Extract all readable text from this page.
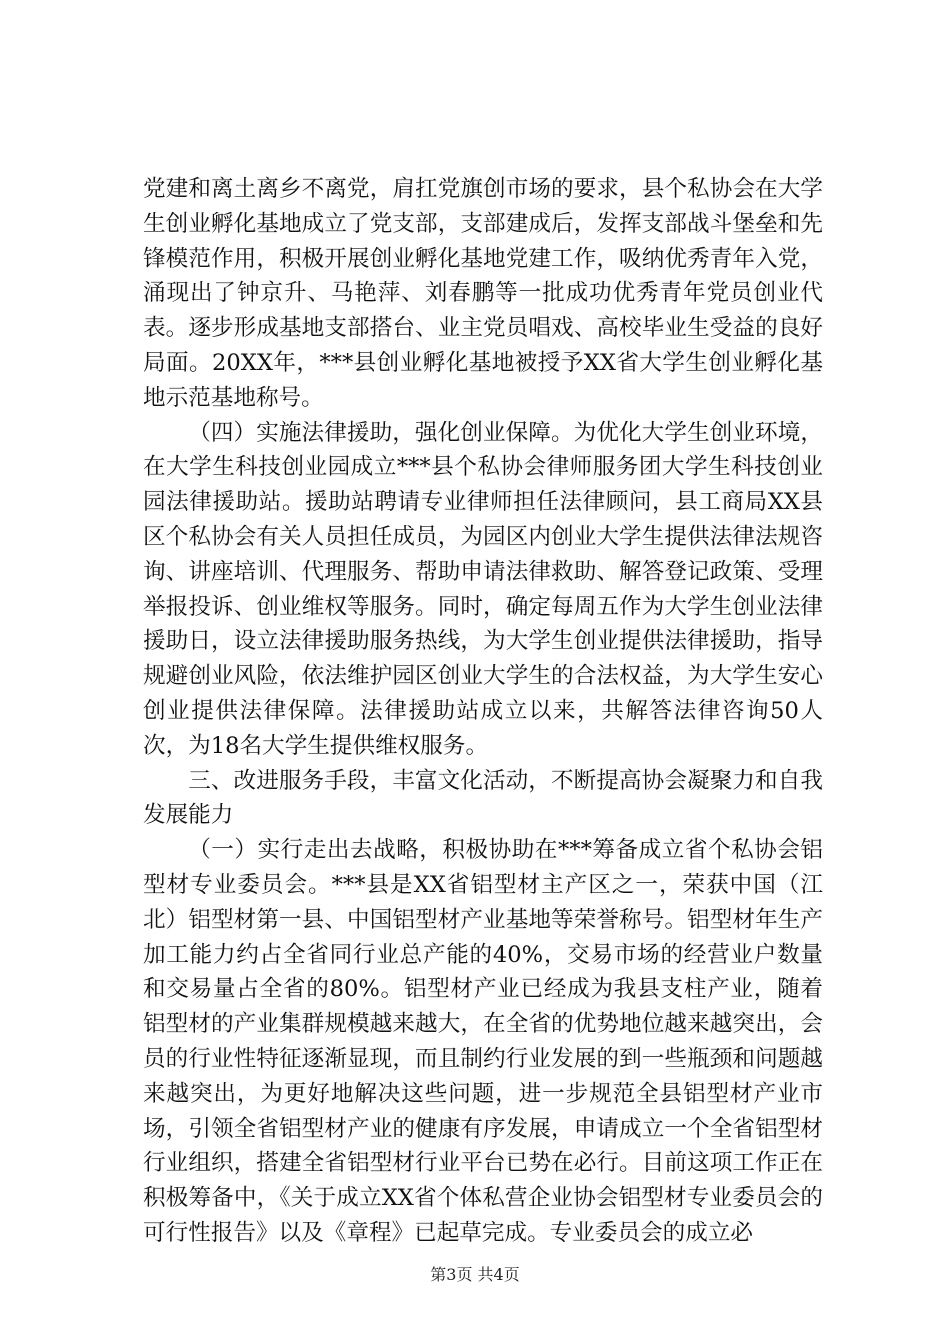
党建和离土离乡不离党，肩扛党旗创市场的要求，县个私协会在大学生创业孵化基地成立了党支部，支部建成后，发挥支部战斗堡垒和先锋模范作用，积极开展创业孵化基地党建工作，吸纳优秀青年入党，涌现出了钟京升、马艳萍、刘春鹏等一批成功优秀青年党员创业代表。逐步形成基地支部搭台、业主党员唱戏、高校毕业生受益的良好局面。20XX年，***县创业孵化基地被授予XX省大学生创业孵化基地示范基地称号。

（四）实施法律援助，强化创业保障。为优化大学生创业环境，在大学生科技创业园成立***县个私协会律师服务团大学生科技创业园法律援助站。援助站聘请专业律师担任法律顾问，县工商局XX县区个私协会有关人员担任成员，为园区内创业大学生提供法律法规咨询、讲座培训、代理服务、帮助申请法律救助、解答登记政策、受理举报投诉、创业维权等服务。同时，确定每周五作为大学生创业法律援助日，设立法律援助服务热线，为大学生创业提供法律援助，指导规避创业风险，依法维护园区创业大学生的合法权益，为大学生安心创业提供法律保障。法律援助站成立以来，共解答法律咨询50人次，为18名大学生提供维权服务。

三、改进服务手段，丰富文化活动，不断提高协会凝聚力和自我发展能力

（一）实行走出去战略，积极协助在***筹备成立省个私协会铝型材专业委员会。***县是XX省铝型材主产区之一，荣获中国（江北）铝型材第一县、中国铝型材产业基地等荣誉称号。铝型材年生产加工能力约占全省同行业总产能的40%，交易市场的经营业户数量和交易量占全省的80%。铝型材产业已经成为我县支柱产业，随着铝型材的产业集群规模越来越大，在全省的优势地位越来越突出，会员的行业性特征逐渐显现，而且制约行业发展的到一些瓶颈和问题越来越突出，为更好地解决这些问题，进一步规范全县铝型材产业市场，引领全省铝型材产业的健康有序发展，申请成立一个全省铝型材行业组织，搭建全省铝型材行业平台已势在必行。目前这项工作正在积极筹备中，《关于成立XX省个体私营企业协会铝型材专业委员会的可行性报告》以及《章程》已起草完成。专业委员会的成立必

第3页 共4页
